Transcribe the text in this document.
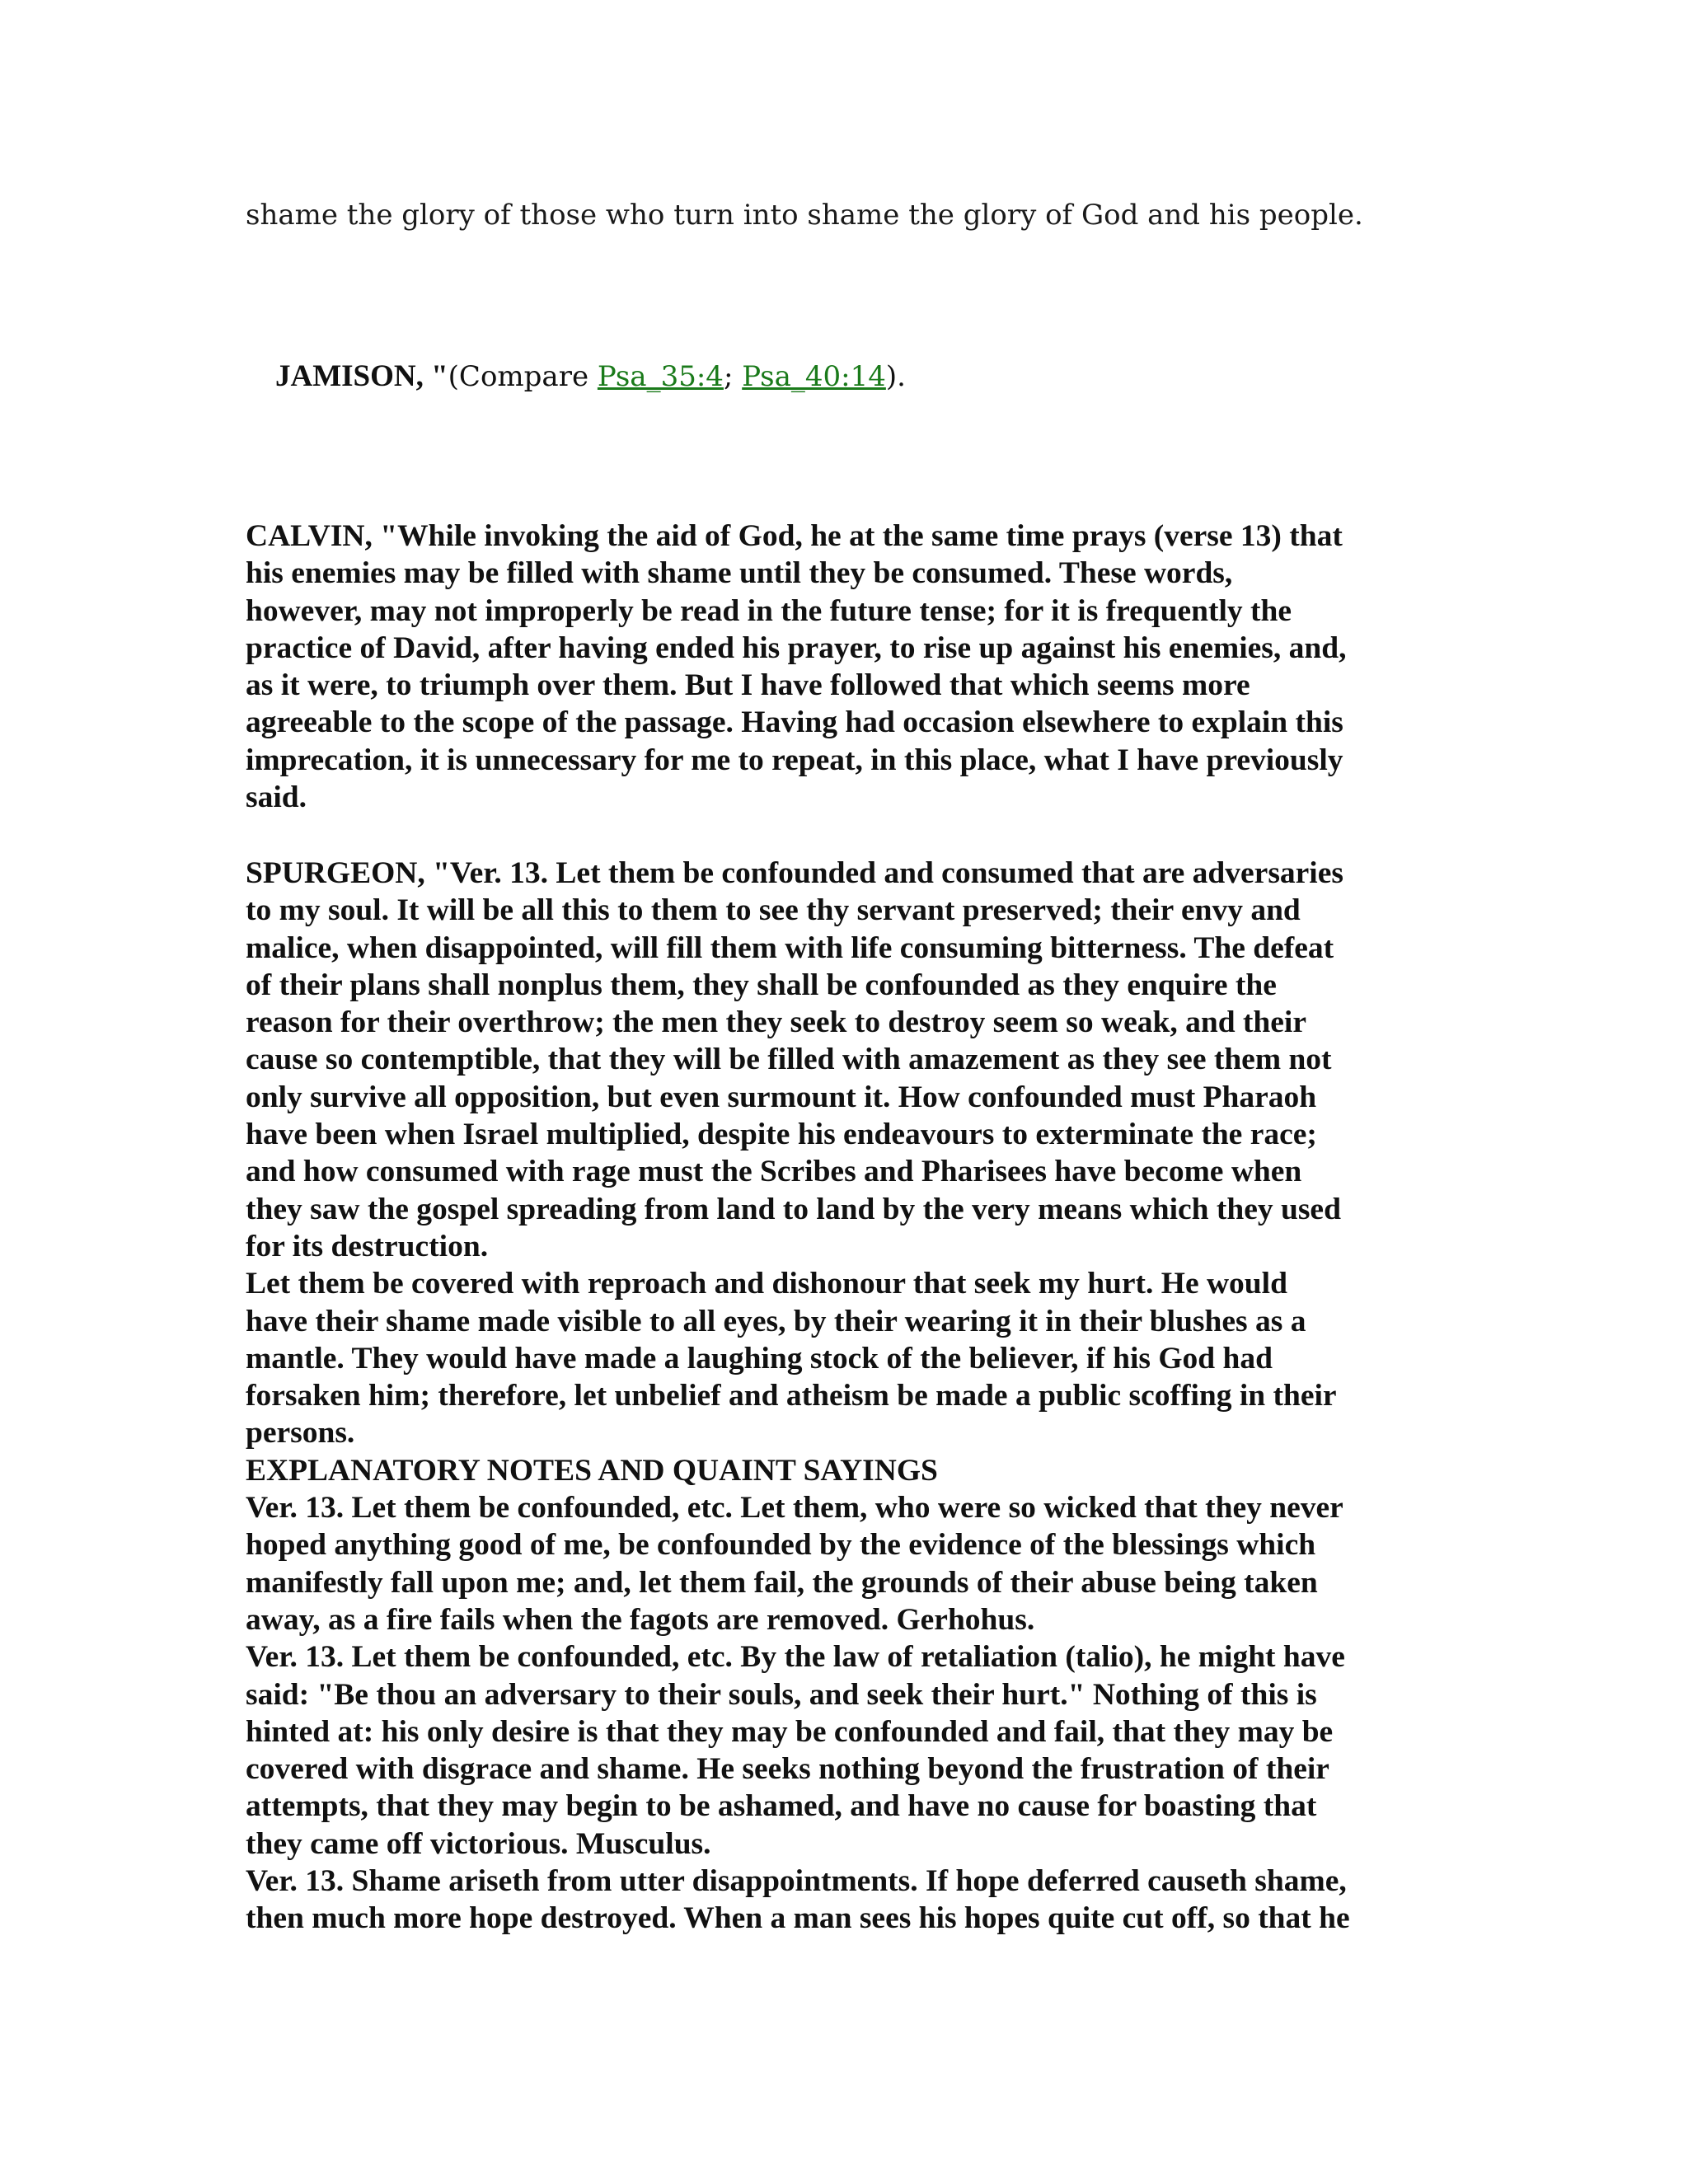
shame the glory of those who turn into shame the glory of God and his people.

JAMISON, "(Compare Psa_35:4; Psa_40:14).

CALVIN, "While invoking the aid of God, he at the same time prays (verse 13) that

his enemies may be filled with shame until they be consumed. These words,

however, may not improperly be read in the future tense; for it is frequently the

practice of David, after having ended his prayer, to rise up against his enemies, and,

as it were, to triumph over them. But I have followed that which seems more

agreeable to the scope of the passage. Having had occasion elsewhere to explain this

imprecation, it is unnecessary for me to repeat, in this place, what I have previously

said.

SPURGEON, "Ver. 13. Let them be confounded and consumed that are adversaries

to my soul. It will be all this to them to see thy servant preserved; their envy and

malice, when disappointed, will fill them with life consuming bitterness. The defeat

of their plans shall nonplus them, they shall be confounded as they enquire the

reason for their overthrow; the men they seek to destroy seem so weak, and their

cause so contemptible, that they will be filled with amazement as they see them not

only survive all opposition, but even surmount it. How confounded must Pharaoh

have been when Israel multiplied, despite his endeavours to exterminate the race;

and how consumed with rage must the Scribes and Pharisees have become when

they saw the gospel spreading from land to land by the very means which they used

for its destruction.

Let them be covered with reproach and dishonour that seek my hurt. He would

have their shame made visible to all eyes, by their wearing it in their blushes as a

mantle. They would have made a laughing stock of the believer, if his God had

forsaken him; therefore, let unbelief and atheism be made a public scoffing in their

persons.

EXPLANATORY NOTES AND QUAINT SAYINGS

Ver. 13. Let them be confounded, etc. Let them, who were so wicked that they never

hoped anything good of me, be confounded by the evidence of the blessings which

manifestly fall upon me; and, let them fail, the grounds of their abuse being taken

away, as a fire fails when the fagots are removed. Gerhohus.

Ver. 13. Let them be confounded, etc. By the law of retaliation (talio), he might have

said: "Be thou an adversary to their souls, and seek their hurt." Nothing of this is

hinted at: his only desire is that they may be confounded and fail, that they may be

covered with disgrace and shame. He seeks nothing beyond the frustration of their

attempts, that they may begin to be ashamed, and have no cause for boasting that

they came off victorious. Musculus.

Ver. 13. Shame ariseth from utter disappointments. If hope deferred causeth shame,

then much more hope destroyed. When a man sees his hopes quite cut off, so that he
